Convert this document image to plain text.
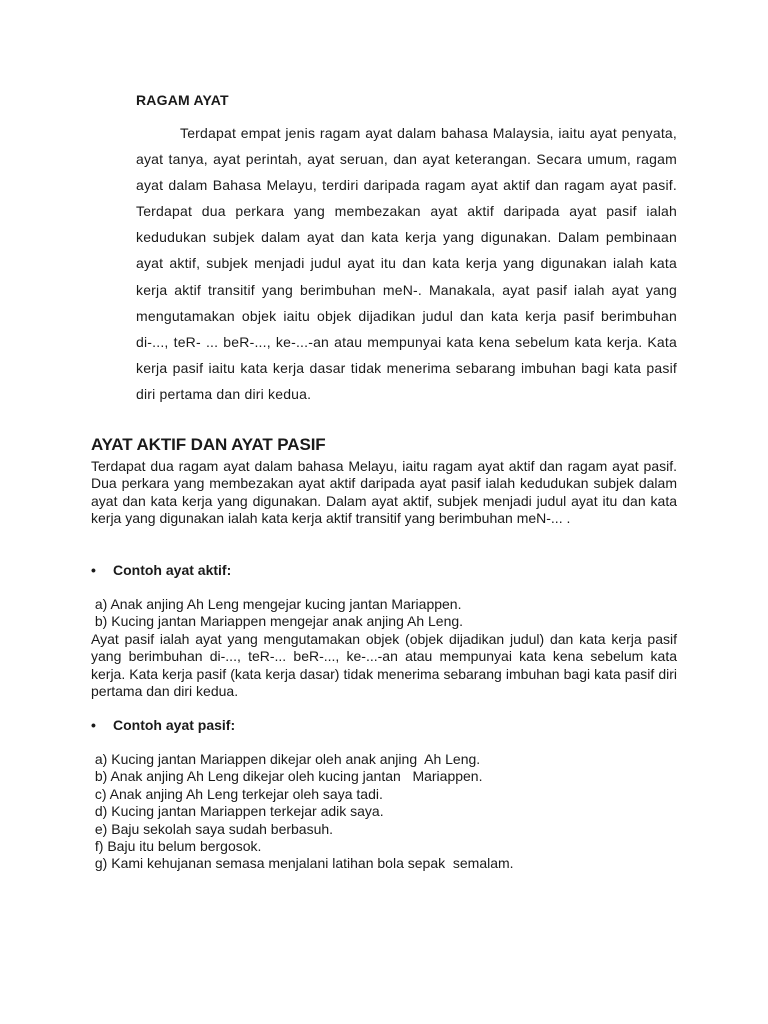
RAGAM AYAT

Terdapat empat jenis ragam ayat dalam bahasa Malaysia, iaitu ayat penyata, ayat tanya, ayat perintah, ayat seruan, dan ayat keterangan. Secara umum, ragam ayat dalam Bahasa Melayu, terdiri daripada ragam ayat aktif dan ragam ayat pasif. Terdapat dua perkara yang membezakan ayat aktif daripada ayat pasif ialah kedudukan subjek dalam ayat dan kata kerja yang digunakan. Dalam pembinaan ayat aktif, subjek menjadi judul ayat itu dan kata kerja yang digunakan ialah kata kerja aktif transitif yang berimbuhan meN-. Manakala, ayat pasif ialah ayat yang mengutamakan objek iaitu objek dijadikan judul dan kata kerja pasif berimbuhan di-..., teR- ... beR-..., ke-...-an atau mempunyai kata kena sebelum kata kerja. Kata kerja pasif iaitu kata kerja dasar tidak menerima sebarang imbuhan bagi kata pasif diri pertama dan diri kedua.

AYAT AKTIF DAN AYAT PASIF

Terdapat dua ragam ayat dalam bahasa Melayu, iaitu ragam ayat aktif dan ragam ayat pasif. Dua perkara yang membezakan ayat aktif daripada ayat pasif ialah kedudukan subjek dalam ayat dan kata kerja yang digunakan. Dalam ayat aktif, subjek menjadi judul ayat itu dan kata kerja yang digunakan ialah kata kerja aktif transitif yang berimbuhan meN-... .

• Contoh ayat aktif:
a) Anak anjing Ah Leng mengejar kucing jantan Mariappen.
b) Kucing jantan Mariappen mengejar anak anjing Ah Leng.

Ayat pasif ialah ayat yang mengutamakan objek (objek dijadikan judul) dan kata kerja pasif yang berimbuhan di-..., teR-... beR-..., ke-...-an atau mempunyai kata kena sebelum kata kerja. Kata kerja pasif (kata kerja dasar) tidak menerima sebarang imbuhan bagi kata pasif diri pertama dan diri kedua.

• Contoh ayat pasif:
a) Kucing jantan Mariappen dikejar oleh anak anjing  Ah Leng.
b) Anak anjing Ah Leng dikejar oleh kucing jantan   Mariappen.
c) Anak anjing Ah Leng terkejar oleh saya tadi.
d) Kucing jantan Mariappen terkejar adik saya.
e) Baju sekolah saya sudah berbasuh.
f) Baju itu belum bergosok.
g) Kami kehujanan semasa menjalani latihan bola sepak  semalam.
